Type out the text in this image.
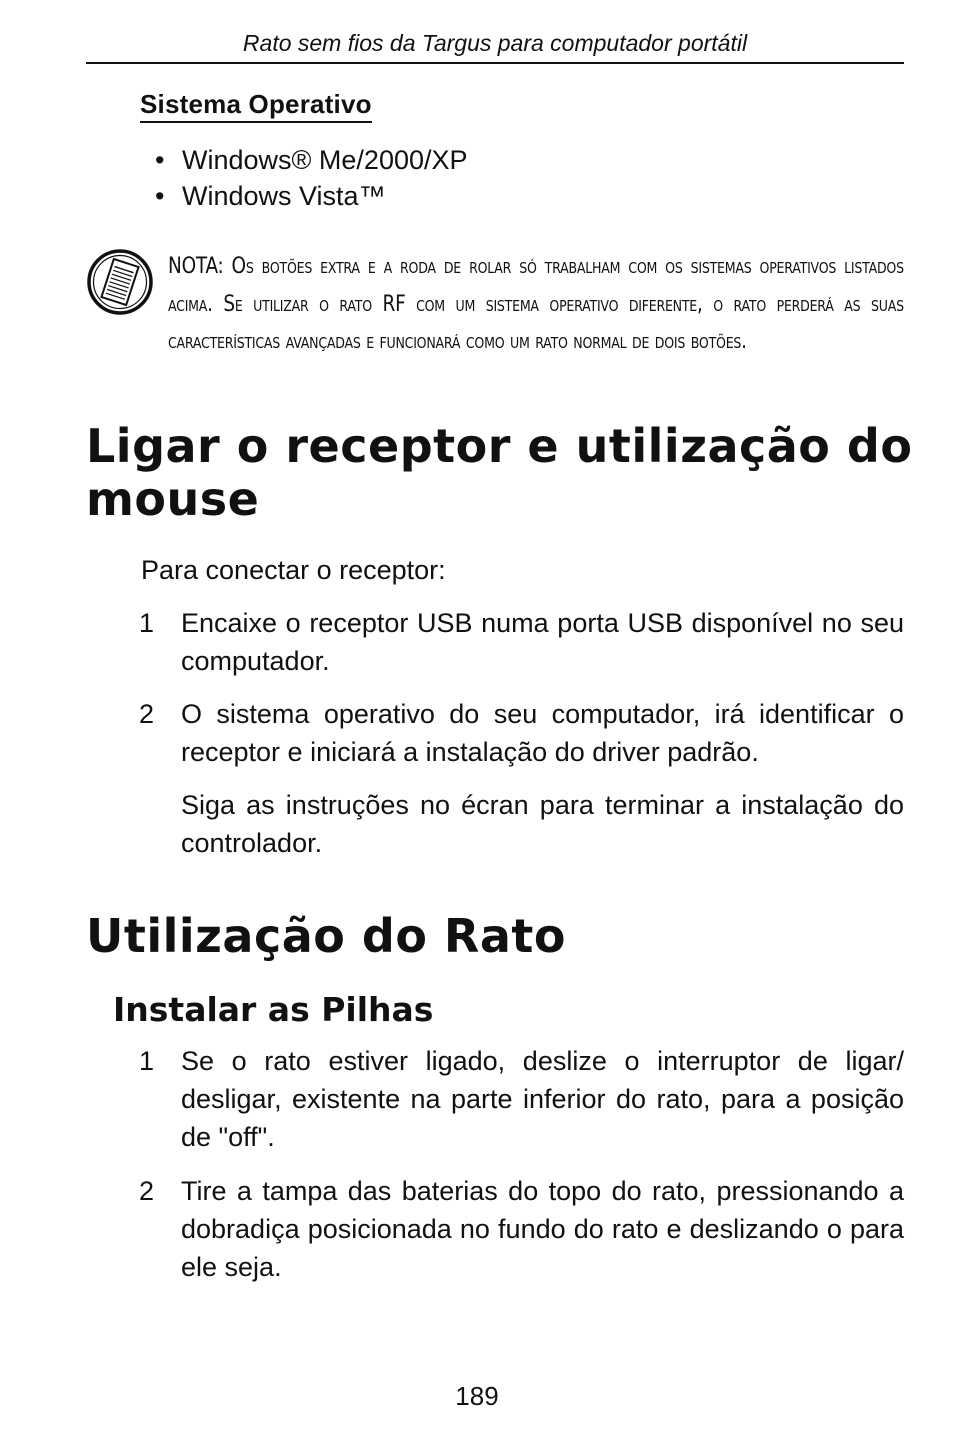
Rato sem fios da Targus para computador portátil
Sistema Operativo
• Windows® Me/2000/XP
• Windows Vista™
NOTA: Os botões extra e a roda de rolar só trabalham com os sistemas operativos listados acima. Se utilizar o rato RF com um sistema operativo diferente, o rato perderá as suas características avançadas e funcionará como um rato normal de dois botões.
Ligar o receptor e utilização do mouse
Para conectar o receptor:
1 Encaixe o receptor USB numa porta USB disponível no seu computador.
2 O sistema operativo do seu computador, irá identificar o receptor e iniciará a instalação do driver padrão.
Siga as instruções no écran para terminar a instalação do controlador.
Utilização do Rato
Instalar as Pilhas
1 Se o rato estiver ligado, deslize o interruptor de ligar/ desligar, existente na parte inferior do rato, para a posição de "off".
2 Tire a tampa das baterias do topo do rato, pressionando a dobradiça posicionada no fundo do rato e deslizando o para ele seja.
189
